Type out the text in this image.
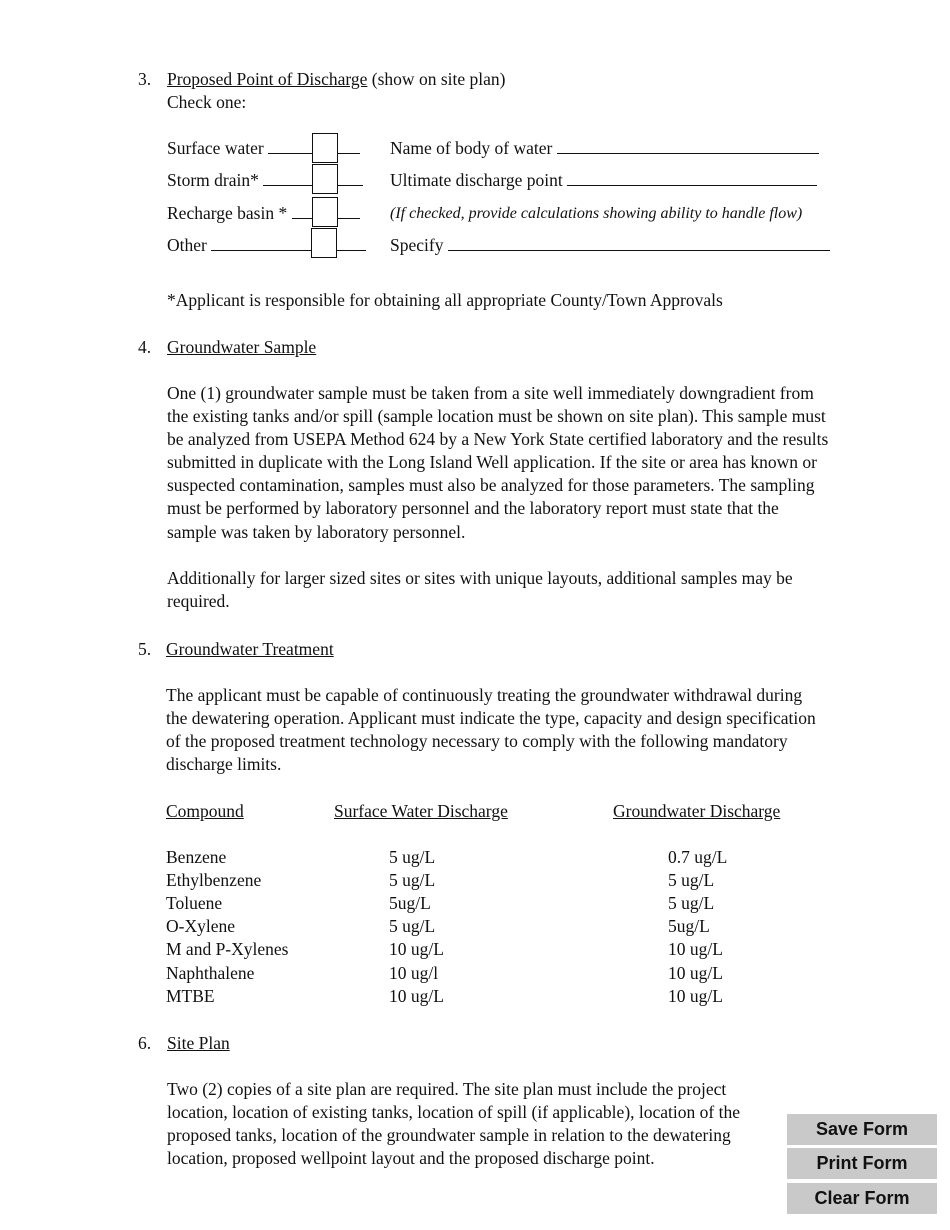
3. Proposed Point of Discharge (show on site plan)
Check one:
Surface water	Name of body of water
Storm drain*	Ultimate discharge point
Recharge basin *	(If checked, provide calculations showing ability to handle flow)
Other	Specify
*Applicant is responsible for obtaining all appropriate County/Town Approvals
4. Groundwater Sample
One (1) groundwater sample must be taken from a site well immediately downgradient from the existing tanks and/or spill (sample location must be shown on site plan). This sample must be analyzed from USEPA Method 624 by a New York State certified laboratory and the results submitted in duplicate with the Long Island Well application. If the site or area has known or suspected contamination, samples must also be analyzed for those parameters. The sampling must be performed by laboratory personnel and the laboratory report must state that the sample was taken by laboratory personnel.
Additionally for larger sized sites or sites with unique layouts, additional samples may be required.
5. Groundwater Treatment
The applicant must be capable of continuously treating the groundwater withdrawal during the dewatering operation. Applicant must indicate the type, capacity and design specification of the proposed treatment technology necessary to comply with the following mandatory discharge limits.
Compound	Surface Water Discharge	Groundwater Discharge
Benzene	5 ug/L	0.7 ug/L
Ethylbenzene	5 ug/L	5 ug/L
Toluene	5ug/L	5 ug/L
O-Xylene	5 ug/L	5ug/L
M and P-Xylenes	10 ug/L	10 ug/L
Naphthalene	10 ug/l	10 ug/L
MTBE	10 ug/L	10 ug/L
6. Site Plan
Two (2) copies of a site plan are required. The site plan must include the project location, location of existing tanks, location of spill (if applicable), location of the proposed tanks, location of the groundwater sample in relation to the dewatering location, proposed wellpoint layout and the proposed discharge point.
Save Form
Print Form
Clear Form
